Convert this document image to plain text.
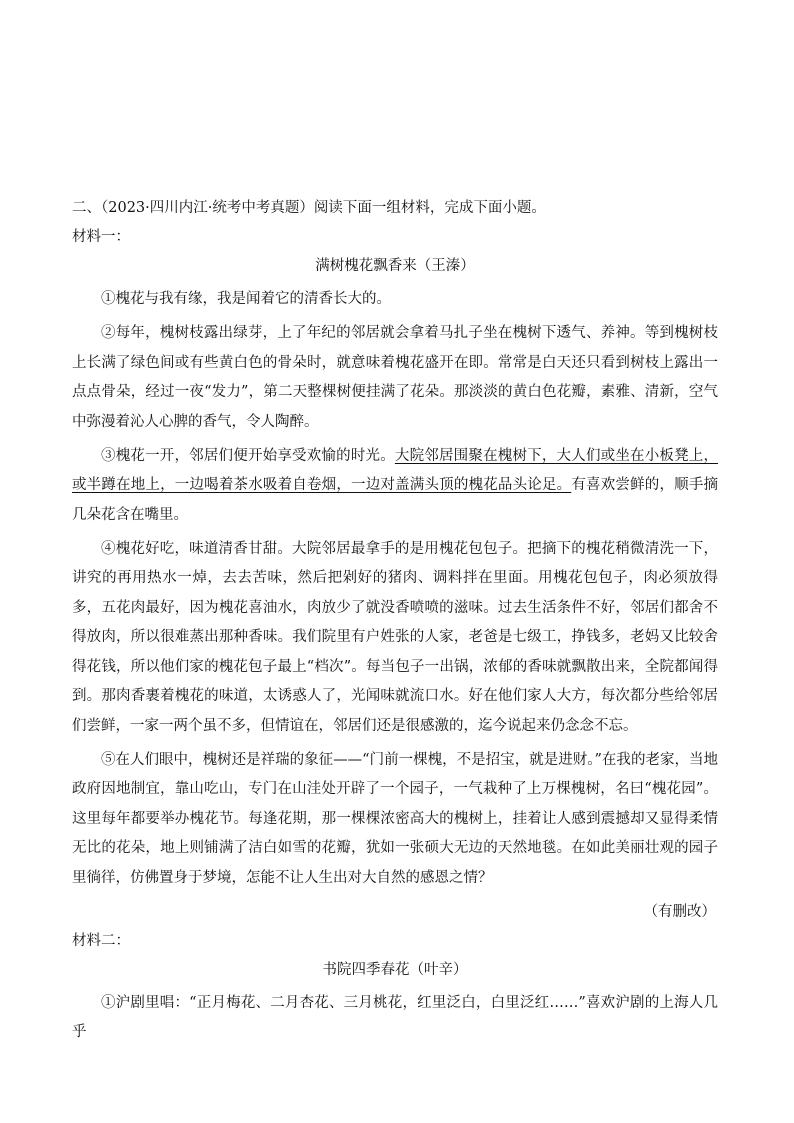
二、（2023·四川内江·统考中考真题）阅读下面一组材料，完成下面小题。

材料一：

满树槐花飘香来（王溱）

①槐花与我有缘，我是闻着它的清香长大的。

②每年，槐树枝露出绿芽，上了年纪的邻居就会拿着马扎子坐在槐树下透气、养神。等到槐树枝上长满了绿色间或有些黄白色的骨朵时，就意味着槐花盛开在即。常常是白天还只看到树枝上露出一点点骨朵，经过一夜“发力”，第二天整棵树便挂满了花朵。那淡淡的黄白色花瓣，素雅、清新，空气中弥漫着沁人心脾的香气，令人陶醉。

③槐花一开，邻居们便开始享受欢愉的时光。大院邻居围聚在槐树下，大人们或坐在小板凳上，或半蹲在地上，一边喝着茶水吸着自卷烟，一边对盖满头顶的槐花品头论足。有喜欢尝鲜的，顺手摘几朵花含在嘴里。

④槐花好吃，味道清香甘甜。大院邻居最拿手的是用槐花包包子。把摘下的槐花稍微清洗一下，讲究的再用热水一焯，去去苦味，然后把剁好的猪肉、调料拌在里面。用槐花包包子，肉必须放得多，五花肉最好，因为槐花喜油水，肉放少了就没香喷喷的滋味。过去生活条件不好，邻居们都舍不得放肉，所以很难蒸出那种香味。我们院里有户姓张的人家，老爸是七级工，挣钱多，老妈又比较舍得花钱，所以他们家的槐花包子最上“档次”。每当包子一出锅，浓郁的香味就飘散出来，全院都闻得到。那肉香裹着槐花的味道，太诱惑人了，光闻味就流口水。好在他们家人大方，每次都分些给邻居们尝鲜，一家一两个虽不多，但情谊在，邻居们还是很感激的，迄今说起来仍念念不忘。

⑤在人们眼中，槐树还是祥瑞的象征——“门前一棵槐，不是招宝，就是进财。”在我的老家，当地政府因地制宜，靠山吃山，专门在山洼处开辟了一个园子，一气栽种了上万棵槐树，名曰“槐花园”。这里每年都要举办槐花节。每逢花期，那一棵棵浓密高大的槐树上，挂着让人感到震撼却又显得柔情无比的花朵，地上则铺满了洁白如雪的花瓣，犹如一张硕大无边的天然地毯。在如此美丽壮观的园子里徜徉，仿佛置身于梦境，怎能不让人生出对大自然的感恩之情？

（有删改）

材料二：

书院四季春花（叶辛）

①沪剧里唱：“正月梅花、二月杏花、三月桃花，红里泛白，白里泛红……”喜欢沪剧的上海人几乎
